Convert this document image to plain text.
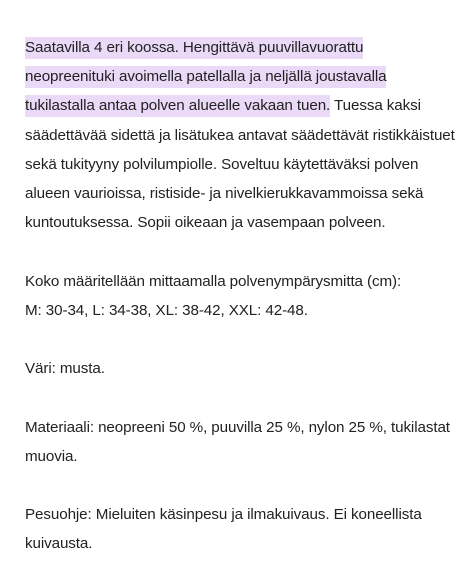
Saatavilla 4 eri koossa. Hengittävä puuvillavuorattu neopreenituki avoimella patellalla ja neljällä joustavalla tukilastalla antaa polven alueelle vakaan tuen. Tuessa kaksi säädettävää sidettä ja lisätukea antavat säädettävät ristikkäistuet sekä tukityyny polvilumpiolle. Soveltuu käytettäväksi polven alueen vaurioissa, ristiside- ja nivelkierukkavammoissa sekä kuntoutuksessa. Sopii oikeaan ja vasempaan polveen.

Koko määritellään mittaamalla polvenympärysmitta (cm):
M: 30-34, L: 34-38, XL: 38-42, XXL: 42-48.

Väri: musta.

Materiaali: neopreeni 50 %, puuvilla 25 %, nylon 25 %, tukilastat muovia.

Pesuohje: Mieluiten käsinpesu ja ilmakuivaus. Ei koneellista kuivausta.
